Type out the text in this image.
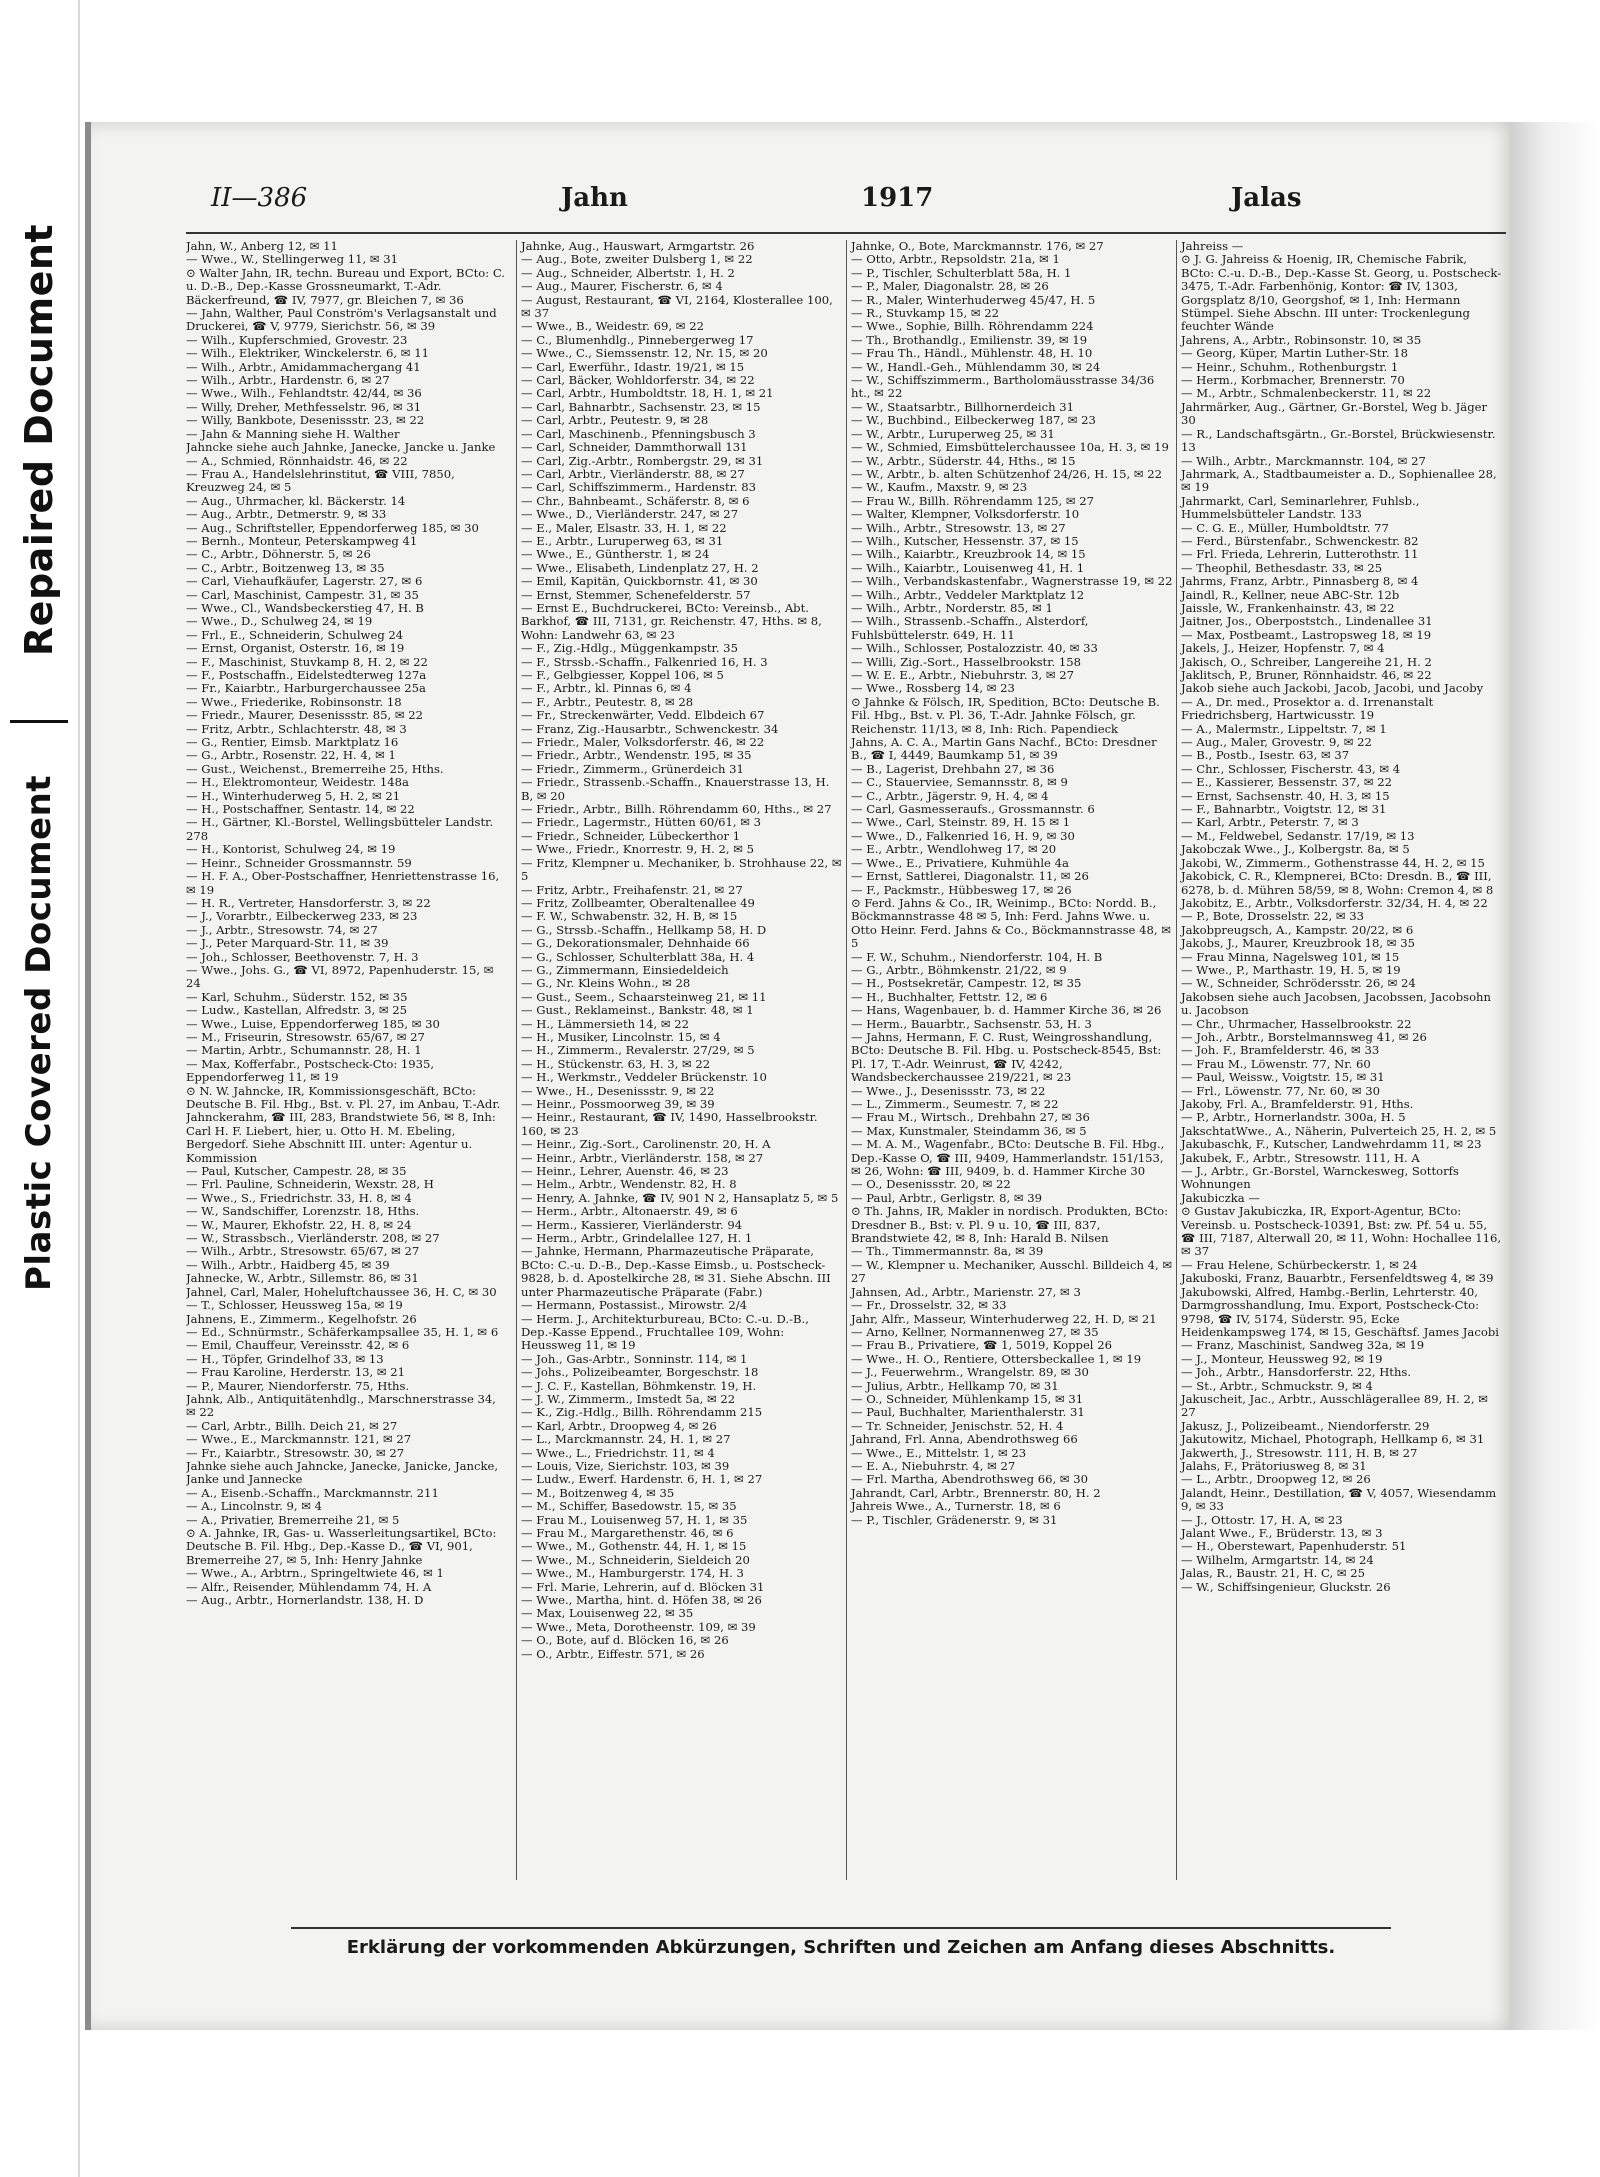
Repaired Document
Plastic Covered Document
II—386	Jahn	1917	Jalas
Jahn, W., Anberg 12, ✉ 11
— Wwe., W., Stellingerweg 11, ✉ 31
⊙ Walter Jahn, IR, techn. Bureau und Export, BCto: C. u. D.-B., Dep.-Kasse Grossneumarkt, T.-Adr. Bäckerfreund, ☎ IV, 7977, gr. Bleichen 7, ✉ 36
— Jahn, Walther, Paul Conström's Verlagsanstalt und Druckerei, ☎ V, 9779, Sierichstr. 56, ✉ 39
— Wilh., Kupferschmied, Grovestr. 23
— Wilh., Elektriker, Winckelerstr. 6, ✉ 11
— Wilh., Arbtr., Amidammachergang 41
— Wilh., Arbtr., Hardenstr. 6, ✉ 27
— Wwe., Wilh., Fehlandtstr. 42/44, ✉ 36
— Willy, Dreher, Methfesselstr. 96, ✉ 31
— Willy, Bankbote, Desenissstr. 23, ✉ 22
— Jahn & Manning siehe H. Walther
Jahncke siehe auch Jahnke, Janecke, Jancke u. Janke
— A., Schmied, Rönnhaidstr. 46, ✉ 22
— Frau A., Handelslehrinstitut, ☎ VIII, 7850, Kreuzweg 24, ✉ 5
— Aug., Uhrmacher, kl. Bäckerstr. 14
— Aug., Arbtr., Detmerstr. 9, ✉ 33
— Aug., Schriftsteller, Eppendorferweg 185, ✉ 30
— Bernh., Monteur, Peterskampweg 41
— C., Arbtr., Döhnerstr. 5, ✉ 26
— C., Arbtr., Boitzenweg 13, ✉ 35
— Carl, Viehaufkäufer, Lagerstr. 27, ✉ 6
— Carl, Maschinist, Campestr. 31, ✉ 35
— Wwe., Cl., Wandsbeckerstieg 47, H. B
— Wwe., D., Schulweg 24, ✉ 19
— Frl., E., Schneiderin, Schulweg 24
— Ernst, Organist, Osterstr. 16, ✉ 19
— F., Maschinist, Stuvkamp 8, H. 2, ✉ 22
— F., Postschaffn., Eidelstedterweg 127a
— Fr., Kaiarbtr., Harburgerchaussee 25a
— Wwe., Friederike, Robinsonstr. 18
— Friedr., Maurer, Desenissstr. 85, ✉ 22
— Fritz, Arbtr., Schlachterstr. 48, ✉ 3
— G., Rentier, Eimsb. Marktplatz 16
— G., Arbtr., Rosenstr. 22, H. 4, ✉ 1
— Gust., Weichenst., Bremerreihe 25, Hths.
— H., Elektromonteur, Weidestr. 148a
— H., Winterhuderweg 5, H. 2, ✉ 21
— H., Postschaffner, Sentastr. 14, ✉ 22
— H., Gärtner, Kl.-Borstel, Wellingsbütteler Landstr. 278
— H., Kontorist, Schulweg 24, ✉ 19
— Heinr., Schneider Grossmannstr. 59
— H. F. A., Ober-Postschaffner, Henriettenstrasse 16, ✉ 19
— H. R., Vertreter, Hansdorferstr. 3, ✉ 22
— J., Vorarbtr., Eilbeckerweg 233, ✉ 23
— J., Arbtr., Stresowstr. 74, ✉ 27
— J., Peter Marquard-Str. 11, ✉ 39
— Joh., Schlosser, Beethovenstr. 7, H. 3
— Wwe., Johs. G., ☎ VI, 8972, Papenhuderstr. 15, ✉ 24
— Karl, Schuhm., Süderstr. 152, ✉ 35
— Ludw., Kastellan, Alfredstr. 3, ✉ 25
— Wwe., Luise, Eppendorferweg 185, ✉ 30
— M., Friseurin, Stresowstr. 65/67, ✉ 27
— Martin, Arbtr., Schumannstr. 28, H. 1
— Max, Kofferfabr., Postscheck-Cto: 1935, Eppendorferweg 11, ✉ 19
⊙ N. W. Jahncke, IR, Kommissionsgeschäft, BCto: Deutsche B. Fil. Hbg., Bst. v. Pl. 27, im Anbau, T.-Adr. Jahnckerahm, ☎ III, 283, Brandstwiete 56, ✉ 8, Inh: Carl H. F. Liebert, hier, u. Otto H. M. Ebeling, Bergedorf. Siehe Abschnitt III. unter: Agentur u. Kommission
— Paul, Kutscher, Campestr. 28, ✉ 35
— Frl. Pauline, Schneiderin, Wexstr. 28, H
— Wwe., S., Friedrichstr. 33, H. 8, ✉ 4
— W., Sandschiffer, Lorenzstr. 18, Hths.
— W., Maurer, Ekhofstr. 22, H. 8, ✉ 24
— W., Strassbsch., Vierländerstr. 208, ✉ 27
— Wilh., Arbtr., Stresowstr. 65/67, ✉ 27
— Wilh., Arbtr., Haidberg 45, ✉ 39
Jahnecke, W., Arbtr., Sillemstr. 86, ✉ 31
Jahnel, Carl, Maler, Hoheluftchaussee 36, H. C, ✉ 30
— T., Schlosser, Heussweg 15a, ✉ 19
Jahnens, E., Zimmerm., Kegelhofstr. 26
— Ed., Schnürmstr., Schäferkampsallee 35, H. 1, ✉ 6
— Emil, Chauffeur, Vereinsstr. 42, ✉ 6
— H., Töpfer, Grindelhof 33, ✉ 13
— Frau Karoline, Herderstr. 13, ✉ 21
— P., Maurer, Niendorferstr. 75, Hths.
Jahnk, Alb., Antiquitätenhdlg., Marschnerstrasse 34, ✉ 22
— Carl, Arbtr., Billh. Deich 21, ✉ 27
— Wwe., E., Marckmannstr. 121, ✉ 27
— Fr., Kaiarbtr., Stresowstr. 30, ✉ 27
Jahnke siehe auch Jahncke, Janecke, Janicke, Jancke, Janke und Jannecke
— A., Eisenb.-Schaffn., Marckmannstr. 211
— A., Lincolnstr. 9, ✉ 4
— A., Privatier, Bremerreihe 21, ✉ 5
⊙ A. Jahnke, IR, Gas- u. Wasserleitungsartikel, BCto: Deutsche B. Fil. Hbg., Dep.-Kasse D., ☎ VI, 901, Bremerreihe 27, ✉ 5, Inh: Henry Jahnke
— Wwe., A., Arbtrn., Springeltwiete 46, ✉ 1
— Alfr., Reisender, Mühlendamm 74, H. A
— Aug., Arbtr., Hornerlandstr. 138, H. D
Jahnke, Aug., Hauswart, Armgartstr. 26
— Aug., Bote, zweiter Dulsberg 1, ✉ 22
— Aug., Schneider, Albertstr. 1, H. 2
— Aug., Maurer, Fischerstr. 6, ✉ 4
— August, Restaurant, ☎ VI, 2164, Klosterallee 100, ✉ 37
— Wwe., B., Weidestr. 69, ✉ 22
— C., Blumenhdlg., Pinnebergerweg 17
— Wwe., C., Siemssenstr. 12, Nr. 15, ✉ 20
— Carl, Ewerführ., Idastr. 19/21, ✉ 15
— Carl, Bäcker, Wohldorferstr. 34, ✉ 22
— Carl, Arbtr., Humboldtstr. 18, H. 1, ✉ 21
— Carl, Bahnarbtr., Sachsenstr. 23, ✉ 15
— Carl, Arbtr., Peutestr. 9, ✉ 28
— Carl, Maschinenb., Pfenningsbusch 3
— Carl, Schneider, Dammthorwall 131
— Carl, Zig.-Arbtr., Rombergstr. 29, ✉ 31
— Carl, Arbtr., Vierländerstr. 88, ✉ 27
— Carl, Schiffszimmerm., Hardenstr. 83
— Chr., Bahnbeamt., Schäferstr. 8, ✉ 6
— Wwe., D., Vierländerstr. 247, ✉ 27
— E., Maler, Elsastr. 33, H. 1, ✉ 22
— E., Arbtr., Luruperweg 63, ✉ 31
— Wwe., E., Güntherstr. 1, ✉ 24
— Wwe., Elisabeth, Lindenplatz 27, H. 2
— Emil, Kapitän, Quickbornstr. 41, ✉ 30
— Ernst, Stemmer, Schenefelderstr. 57
— Ernst E., Buchdruckerei, BCto: Vereinsb., Abt. Barkhof, ☎ III, 7131, gr. Reichenstr. 47, Hths. ✉ 8, Wohn: Landwehr 63, ✉ 23
— F., Zig.-Hdlg., Müggenkampstr. 35
— F., Strssb.-Schaffn., Falkenried 16, H. 3
— F., Gelbgiesser, Koppel 106, ✉ 5
— F., Arbtr., kl. Pinnas 6, ✉ 4
— F., Arbtr., Peutestr. 8, ✉ 28
— Fr., Streckenwärter, Vedd. Elbdeich 67
— Franz, Zig.-Hausarbtr., Schwenckestr. 34
— Friedr., Maler, Volksdorferstr. 46, ✉ 22
— Friedr., Arbtr., Wendenstr. 195, ✉ 35
— Friedr., Zimmerm., Grünerdeich 31
— Friedr., Strassenb.-Schaffn., Knauerstrasse 13, H. B, ✉ 20
— Friedr., Arbtr., Billh. Röhrendamm 60, Hths., ✉ 27
— Friedr., Lagermstr., Hütten 60/61, ✉ 3
— Friedr., Schneider, Lübeckerthor 1
— Wwe., Friedr., Knorrestr. 9, H. 2, ✉ 5
— Fritz, Klempner u. Mechaniker, b. Strohhause 22, ✉ 5
— Fritz, Arbtr., Freihafenstr. 21, ✉ 27
— Fritz, Zollbeamter, Oberaltenallee 49
— F. W., Schwabenstr. 32, H. B, ✉ 15
— G., Strssb.-Schaffn., Hellkamp 58, H. D
— G., Dekorationsmaler, Dehnhaide 66
— G., Schlosser, Schulterblatt 38a, H. 4
— G., Zimmermann, Einsiedeldeich
— G., Nr. Kleins Wohn., ✉ 28
— Gust., Seem., Schaarsteinweg 21, ✉ 11
— Gust., Reklameinst., Bankstr. 48, ✉ 1
— H., Lämmersieth 14, ✉ 22
— H., Musiker, Lincolnstr. 15, ✉ 4
— H., Zimmerm., Revalerstr. 27/29, ✉ 5
— H., Stückenstr. 63, H. 3, ✉ 22
— H., Werkmstr., Veddeler Brückenstr. 10
— Wwe., H., Desenissstr. 9, ✉ 22
— Heinr., Possmoorweg 39, ✉ 39
— Heinr., Restaurant, ☎ IV, 1490, Hasselbrookstr. 160, ✉ 23
— Heinr., Zig.-Sort., Carolinenstr. 20, H. A
— Heinr., Arbtr., Vierländerstr. 158, ✉ 27
— Heinr., Lehrer, Auenstr. 46, ✉ 23
— Helm., Arbtr., Wendenstr. 82, H. 8
— Henry, A. Jahnke, ☎ IV, 901 N 2, Hansaplatz 5, ✉ 5
— Herm., Arbtr., Altonaerstr. 49, ✉ 6
— Herm., Kassierer, Vierländerstr. 94
— Herm., Arbtr., Grindelallee 127, H. 1
— Jahnke, Hermann, Pharmazeutische Präparate, BCto: C.-u. D.-B., Dep.-Kasse Eimsb., u. Postscheck-9828, b. d. Apostelkirche 28, ✉ 31. Siehe Abschn. III unter Pharmazeutische Präparate (Fabr.)
— Hermann, Postassist., Mirowstr. 2/4
— Herm. J., Architekturbureau, BCto: C.-u. D.-B., Dep.-Kasse Eppend., Fruchtallee 109, Wohn: Heussweg 11, ✉ 19
— Joh., Gas-Arbtr., Sonninstr. 114, ✉ 1
— Johs., Polizeibeamter, Borgeschstr. 18
— J. C. F., Kastellan, Böhmkenstr. 19, H.
— J. W., Zimmerm., Imstedt 5a, ✉ 22
— K., Zig.-Hdlg., Billh. Röhrendamm 215
— Karl, Arbtr., Droopweg 4, ✉ 26
— L., Marckmannstr. 24, H. 1, ✉ 27
— Wwe., L., Friedrichstr. 11, ✉ 4
— Louis, Vize, Sierichstr. 103, ✉ 39
— Ludw., Ewerf. Hardenstr. 6, H. 1, ✉ 27
— M., Boitzenweg 4, ✉ 35
— M., Schiffer, Basedowstr. 15, ✉ 35
— Frau M., Louisenweg 57, H. 1, ✉ 35
— Frau M., Margarethenstr. 46, ✉ 6
— Wwe., M., Gothenstr. 44, H. 1, ✉ 15
— Wwe., M., Schneiderin, Sieldeich 20
— Wwe., M., Hamburgerstr. 174, H. 3
— Frl. Marie, Lehrerin, auf d. Blöcken 31
— Wwe., Martha, hint. d. Höfen 38, ✉ 26
— Max, Louisenweg 22, ✉ 35
— Wwe., Meta, Dorotheenstr. 109, ✉ 39
— O., Bote, auf d. Blöcken 16, ✉ 26
— O., Arbtr., Eiffestr. 571, ✉ 26
Jahnke, O., Bote, Marckmannstr. 176, ✉ 27
— Otto, Arbtr., Repsoldstr. 21a, ✉ 1
— P., Tischler, Schulterblatt 58a, H. 1
— P., Maler, Diagonalstr. 28, ✉ 26
— R., Maler, Winterhuderweg 45/47, H. 5
— R., Stuvkamp 15, ✉ 22
— Wwe., Sophie, Billh. Röhrendamm 224
— Th., Brothandlg., Emilienstr. 39, ✉ 19
— Frau Th., Händl., Mühlenstr. 48, H. 10
— W., Handl.-Geh., Mühlendamm 30, ✉ 24
— W., Schiffszimmerm., Bartholomäusstrasse 34/36 ht., ✉ 22
— W., Staatsarbtr., Billhornerdeich 31
— W., Buchbind., Eilbeckerweg 187, ✉ 23
— W., Arbtr., Luruperweg 25, ✉ 31
— W., Schmied, Eimsbüttelerchaussee 10a, H. 3, ✉ 19
— W., Arbtr., Süderstr. 44, Hths., ✉ 15
— W., Arbtr., b. alten Schützenhof 24/26, H. 15, ✉ 22
— W., Kaufm., Maxstr. 9, ✉ 23
— Frau W., Billh. Röhrendamm 125, ✉ 27
— Walter, Klempner, Volksdorferstr. 10
— Wilh., Arbtr., Stresowstr. 13, ✉ 27
— Wilh., Kutscher, Hessenstr. 37, ✉ 15
— Wilh., Kaiarbtr., Kreuzbrook 14, ✉ 15
— Wilh., Kaiarbtr., Louisenweg 41, H. 1
— Wilh., Verbandskastenfabr., Wagnerstrasse 19, ✉ 22
— Wilh., Arbtr., Veddeler Marktplatz 12
— Wilh., Arbtr., Norderstr. 85, ✉ 1
— Wilh., Strassenb.-Schaffn., Alsterdorf, Fuhlsbüttelerstr. 649, H. 11
— Wilh., Schlosser, Postalozzistr. 40, ✉ 33
— Willi, Zig.-Sort., Hasselbrookstr. 158
— W. E. E., Arbtr., Niebuhrstr. 3, ✉ 27
— Wwe., Rossberg 14, ✉ 23
⊙ Jahnke & Fölsch, IR, Spedition, BCto: Deutsche B. Fil. Hbg., Bst. v. Pl. 36, T.-Adr. Jahnke Fölsch, gr. Reichenstr. 11/13, ✉ 8, Inh: Rich. Papendieck
Jahns, A. C. A., Martin Gans Nachf., BCto: Dresdner B., ☎ I, 4449, Baumkamp 51, ✉ 39
— B., Lagerist, Drehbahn 27, ✉ 36
— C., Stauerviee, Semannsstr. 8, ✉ 9
— C., Arbtr., Jägerstr. 9, H. 4, ✉ 4
— Carl, Gasmesseraufs., Grossmannstr. 6
— Wwe., Carl, Steinstr. 89, H. 15 ✉ 1
— Wwe., D., Falkenried 16, H. 9, ✉ 30
— E., Arbtr., Wendlohweg 17, ✉ 20
— Wwe., E., Privatiere, Kuhmühle 4a
— Ernst, Sattlerei, Diagonalstr. 11, ✉ 26
— F., Packmstr., Hübbesweg 17, ✉ 26
⊙ Ferd. Jahns & Co., IR, Weinimp., BCto: Nordd. B., Böckmannstrasse 48 ✉ 5, Inh: Ferd. Jahns Wwe. u. Otto Heinr. Ferd. Jahns & Co., Böckmannstrasse 48, ✉ 5
— F. W., Schuhm., Niendorferstr. 104, H. B
— G., Arbtr., Böhmkenstr. 21/22, ✉ 9
— H., Postsekretär, Campestr. 12, ✉ 35
— H., Buchhalter, Fettstr. 12, ✉ 6
— Hans, Wagenbauer, b. d. Hammer Kirche 36, ✉ 26
— Herm., Bauarbtr., Sachsenstr. 53, H. 3
— Jahns, Hermann, F. C. Rust, Weingrosshandlung, BCto: Deutsche B. Fil. Hbg. u. Postscheck-8545, Bst: Pl. 17, T.-Adr. Weinrust, ☎ IV, 4242, Wandsbeckerchaussee 219/221, ✉ 23
— Wwe., J., Desenissstr. 73, ✉ 22
— L., Zimmerm., Seumestr. 7, ✉ 22
— Frau M., Wirtsch., Drehbahn 27, ✉ 36
— Max, Kunstmaler, Steindamm 36, ✉ 5
— M. A. M., Wagenfabr., BCto: Deutsche B. Fil. Hbg., Dep.-Kasse O, ☎ III, 9409, Hammerlandstr. 151/153, ✉ 26, Wohn: ☎ III, 9409, b. d. Hammer Kirche 30
— O., Desenissstr. 20, ✉ 22
— Paul, Arbtr., Gerligstr. 8, ✉ 39
⊙ Th. Jahns, IR, Makler in nordisch. Produkten, BCto: Dresdner B., Bst: v. Pl. 9 u. 10, ☎ III, 837, Brandstwiete 42, ✉ 8, Inh: Harald B. Nilsen
— Th., Timmermannstr. 8a, ✉ 39
— W., Klempner u. Mechaniker, Ausschl. Billdeich 4, ✉ 27
Jahnsen, Ad., Arbtr., Marienstr. 27, ✉ 3
— Fr., Drosselstr. 32, ✉ 33
Jahr, Alfr., Masseur, Winterhuderweg 22, H. D, ✉ 21
— Arno, Kellner, Normannenweg 27, ✉ 35
— Frau B., Privatiere, ☎ 1, 5019, Koppel 26
— Wwe., H. O., Rentiere, Ottersbeckallee 1, ✉ 19
— J., Feuerwehrm., Wrangelstr. 89, ✉ 30
— Julius, Arbtr., Hellkamp 70, ✉ 31
— O., Schneider, Mühlenkamp 15, ✉ 31
— Paul, Buchhalter, Marienthalerstr. 31
— Tr. Schneider, Jenischstr. 52, H. 4
Jahrand, Frl. Anna, Abendrothsweg 66
— Wwe., E., Mittelstr. 1, ✉ 23
— E. A., Niebuhrstr. 4, ✉ 27
— Frl. Martha, Abendrothsweg 66, ✉ 30
Jahrandt, Carl, Arbtr., Brennerstr. 80, H. 2
Jahreis Wwe., A., Turnerstr. 18, ✉ 6
— P., Tischler, Grädenerstr. 9, ✉ 31
Jahreiss —
⊙ J. G. Jahreiss & Hoenig, IR, Chemische Fabrik, BCto: C.-u. D.-B., Dep.-Kasse St. Georg, u. Postscheck-3475, T.-Adr. Farbenhönig, Kontor: ☎ IV, 1303, Gorgsplatz 8/10, Georgshof, ✉ 1, Inh: Hermann Stümpel. Siehe Abschn. III unter: Trockenlegung feuchter Wände
Jahrens, A., Arbtr., Robinsonstr. 10, ✉ 35
— Georg, Küper, Martin Luther-Str. 18
— Heinr., Schuhm., Rothenburgstr. 1
— Herm., Korbmacher, Brennerstr. 70
— M., Arbtr., Schmalenbeckerstr. 11, ✉ 22
Jahrmärker, Aug., Gärtner, Gr.-Borstel, Weg b. Jäger 30
— R., Landschaftsgärtn., Gr.-Borstel, Brückwiesenstr. 13
— Wilh., Arbtr., Marckmannstr. 104, ✉ 27
Jahrmark, A., Stadtbaumeister a. D., Sophienallee 28, ✉ 19
Jahrmarkt, Carl, Seminarlehrer, Fuhlsb., Hummelsbütteler Landstr. 133
— C. G. E., Müller, Humboldtstr. 77
— Ferd., Bürstenfabr., Schwenckestr. 82
— Frl. Frieda, Lehrerin, Lutterothstr. 11
— Theophil, Bethesdastr. 33, ✉ 25
Jahrms, Franz, Arbtr., Pinnasberg 8, ✉ 4
Jaindl, R., Kellner, neue ABC-Str. 12b
Jaissle, W., Frankenhainstr. 43, ✉ 22
Jaitner, Jos., Oberpoststch., Lindenallee 31
— Max, Postbeamt., Lastropsweg 18, ✉ 19
Jakels, J., Heizer, Hopfenstr. 7, ✉ 4
Jakisch, O., Schreiber, Langereihe 21, H. 2
Jaklitsch, P., Bruner, Rönnhaidstr. 46, ✉ 22
Jakob siehe auch Jackobi, Jacob, Jacobi, und Jacoby
— A., Dr. med., Prosektor a. d. Irrenanstalt Friedrichsberg, Hartwicusstr. 19
— A., Malermstr., Lippeltstr. 7, ✉ 1
— Aug., Maler, Grovestr. 9, ✉ 22
— B., Postb., Isestr. 63, ✉ 37
— Chr., Schlosser, Fischerstr. 43, ✉ 4
— E., Kassierer, Bessenstr. 37, ✉ 22
— Ernst, Sachsenstr. 40, H. 3, ✉ 15
— F., Bahnarbtr., Voigtstr. 12, ✉ 31
— Karl, Arbtr., Peterstr. 7, ✉ 3
— M., Feldwebel, Sedanstr. 17/19, ✉ 13
Jakobczak Wwe., J., Kolbergstr. 8a, ✉ 5
Jakobi, W., Zimmerm., Gothenstrasse 44, H. 2, ✉ 15
Jakobick, C. R., Klempnerei, BCto: Dresdn. B., ☎ III, 6278, b. d. Mühren 58/59, ✉ 8, Wohn: Cremon 4, ✉ 8
Jakobitz, E., Arbtr., Volksdorferstr. 32/34, H. 4, ✉ 22
— P., Bote, Drosselstr. 22, ✉ 33
Jakobpreugsch, A., Kampstr. 20/22, ✉ 6
Jakobs, J., Maurer, Kreuzbrook 18, ✉ 35
— Frau Minna, Nagelsweg 101, ✉ 15
— Wwe., P., Marthastr. 19, H. 5, ✉ 19
— W., Schneider, Schrödersstr. 26, ✉ 24
Jakobsen siehe auch Jacobsen, Jacobssen, Jacobsohn u. Jacobson
— Chr., Uhrmacher, Hasselbrookstr. 22
— Joh., Arbtr., Borstelmannsweg 41, ✉ 26
— Joh. F., Bramfelderstr. 46, ✉ 33
— Frau M., Löwenstr. 77, Nr. 60
— Paul, Weissw., Voigtstr. 15, ✉ 31
— Frl., Löwenstr. 77, Nr. 60, ✉ 30
Jakoby, Frl. A., Bramfelderstr. 91, Hths.
— P., Arbtr., Hornerlandstr. 300a, H. 5
JakschtatWwe., A., Näherin, Pulverteich 25, H. 2, ✉ 5
Jakubaschk, F., Kutscher, Landwehrdamm 11, ✉ 23
Jakubek, F., Arbtr., Stresowstr. 111, H. A
— J., Arbtr., Gr.-Borstel, Warnckesweg, Sottorfs Wohnungen
Jakubiczka —
⊙ Gustav Jakubiczka, IR, Export-Agentur, BCto: Vereinsb. u. Postscheck-10391, Bst: zw. Pf. 54 u. 55, ☎ III, 7187, Alterwall 20, ✉ 11, Wohn: Hochallee 116, ✉ 37
— Frau Helene, Schürbeckerstr. 1, ✉ 24
Jakuboski, Franz, Bauarbtr., Fersenfeldtsweg 4, ✉ 39
Jakubowski, Alfred, Hambg.-Berlin, Lehrterstr. 40, Darmgrosshandlung, Imu. Export, Postscheck-Cto: 9798, ☎ IV, 5174, Süderstr. 95, Ecke Heidenkampsweg 174, ✉ 15, Geschäftsf. James Jacobi
— Franz, Maschinist, Sandweg 32a, ✉ 19
— J., Monteur, Heussweg 92, ✉ 19
— Joh., Arbtr., Hansdorferstr. 22, Hths.
— St., Arbtr., Schmuckstr. 9, ✉ 4
Jakuscheit, Jac., Arbtr., Ausschlägerallee 89, H. 2, ✉ 27
Jakusz, J., Polizeibeamt., Niendorferstr. 29
Jakutowitz, Michael, Photograph, Hellkamp 6, ✉ 31
Jakwerth, J., Stresowstr. 111, H. B, ✉ 27
Jalahs, F., Prätoriusweg 8, ✉ 31
— L., Arbtr., Droopweg 12, ✉ 26
Jalandt, Heinr., Destillation, ☎ V, 4057, Wiesendamm 9, ✉ 33
— J., Ottostr. 17, H. A, ✉ 23
Jalant Wwe., F., Brüderstr. 13, ✉ 3
— H., Oberstewart, Papenhuderstr. 51
— Wilhelm, Armgartstr. 14, ✉ 24
Jalas, R., Baustr. 21, H. C, ✉ 25
— W., Schiffsingenieur, Gluckstr. 26
Erklärung der vorkommenden Abkürzungen, Schriften und Zeichen am Anfang dieses Abschnitts.
